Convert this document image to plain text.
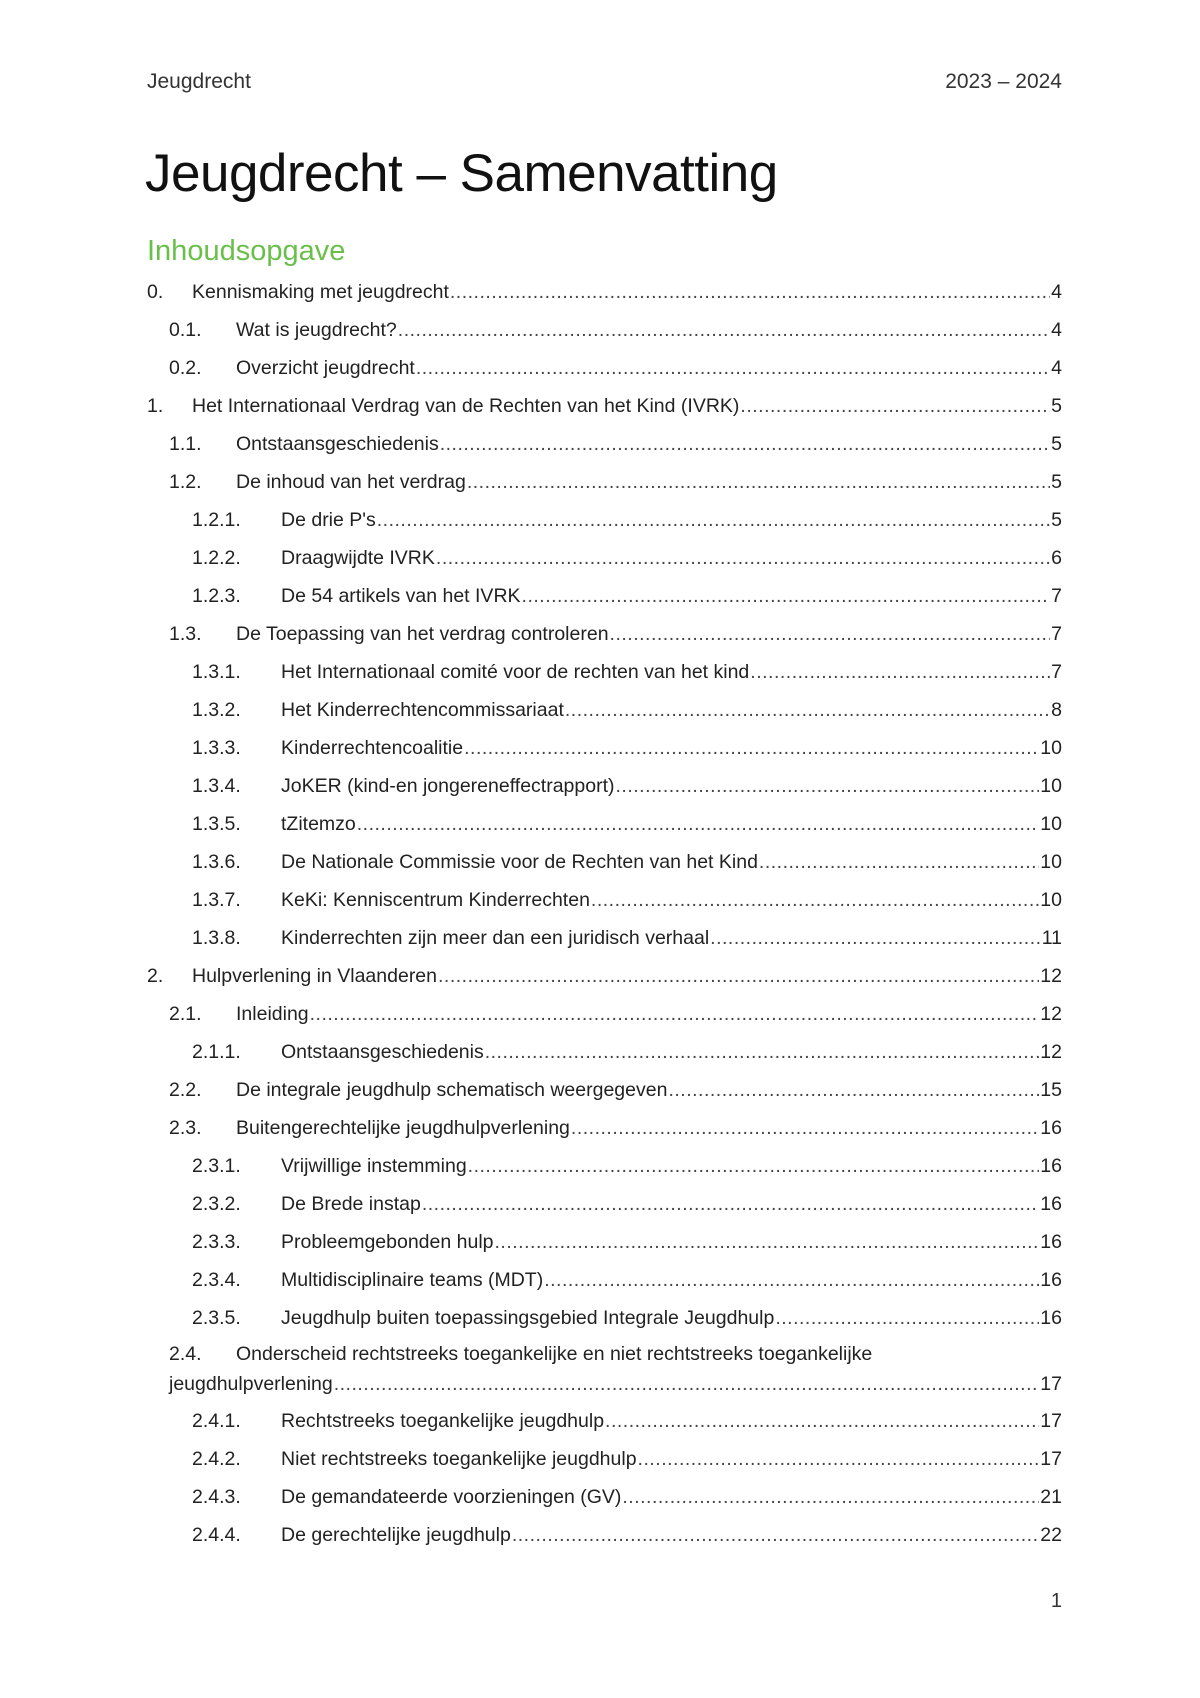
Jeugdrecht	2023 – 2024
Jeugdrecht – Samenvatting
Inhoudsopgave
0.	Kennismaking met jeugdrecht .....	4
0.1.	Wat is jeugdrecht? .....	4
0.2.	Overzicht jeugdrecht .....	4
1.	Het Internationaal Verdrag van de Rechten van het Kind (IVRK) .....	5
1.1.	Ontstaansgeschiedenis .....	5
1.2.	De inhoud van het verdrag .....	5
1.2.1.	De drie P's .....	5
1.2.2.	Draagwijdte IVRK .....	6
1.2.3.	De 54 artikels van het IVRK .....	7
1.3.	De Toepassing van het verdrag controleren .....	7
1.3.1.	Het Internationaal comité voor de rechten van het kind .....	7
1.3.2.	Het Kinderrechtencommissariaat .....	8
1.3.3.	Kinderrechtencoalitie .....	10
1.3.4.	JoKER (kind-en jongereneffectrapport) .....	10
1.3.5.	tZitemzo .....	10
1.3.6.	De Nationale Commissie voor de Rechten van het Kind .....	10
1.3.7.	KeKi: Kenniscentrum Kinderrechten .....	10
1.3.8.	Kinderrechten zijn meer dan een juridisch verhaal .....	11
2.	Hulpverlening in Vlaanderen .....	12
2.1.	Inleiding .....	12
2.1.1.	Ontstaansgeschiedenis .....	12
2.2.	De integrale jeugdhulp schematisch weergegeven .....	15
2.3.	Buitengerechtelijke jeugdhulpverlening .....	16
2.3.1.	Vrijwillige instemming .....	16
2.3.2.	De Brede instap .....	16
2.3.3.	Probleemgebonden hulp .....	16
2.3.4.	Multidisciplinaire teams (MDT) .....	16
2.3.5.	Jeugdhulp buiten toepassingsgebied Integrale Jeugdhulp .....	16
2.4.	Onderscheid rechtstreeks toegankelijke en niet rechtstreeks toegankelijke
jeugdhulpverlening .....	17
2.4.1.	Rechtstreeks toegankelijke jeugdhulp .....	17
2.4.2.	Niet rechtstreeks toegankelijke jeugdhulp .....	17
2.4.3.	De gemandateerde voorzieningen (GV) .....	21
2.4.4.	De gerechtelijke jeugdhulp .....	22
1
